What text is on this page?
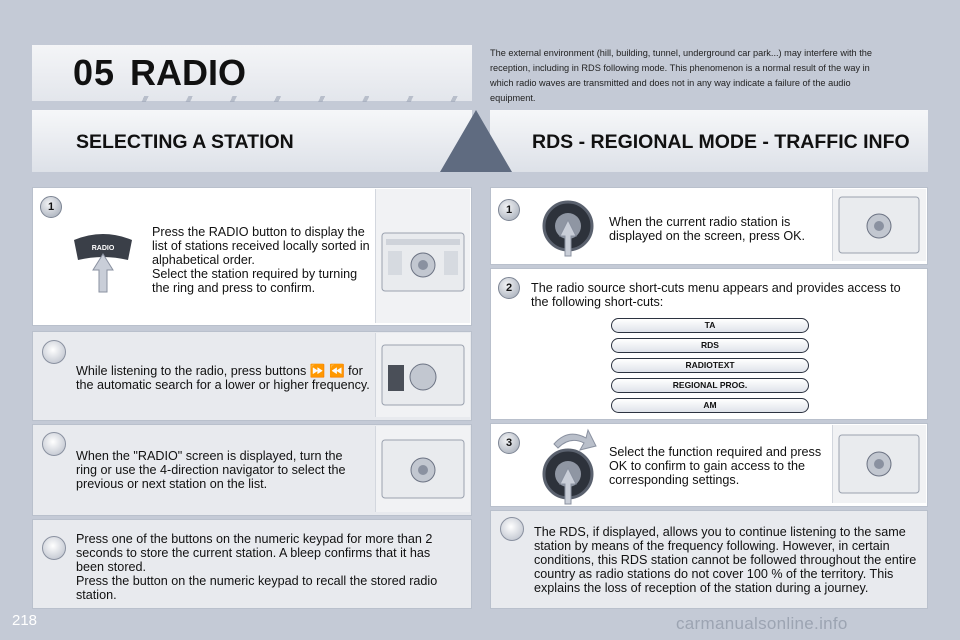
05 RADIO	The external environment (hill, building, tunnel, underground car park...) may interfere with the reception, including in RDS following mode. This phenomenon is a normal result of the way in which radio waves are transmitted and does not in any way indicate a failure of the audio equipment.
SELECTING A STATION	RDS - REGIONAL MODE - TRAFFIC INFO
1
RADIO
Press the RADIO button to display the list of stations received locally sorted in alphabetical order.
Select the station required by turning the ring and press to confirm.
While listening to the radio, press buttons ⏩ ⏪ for the automatic search for a lower or higher frequency.
When the "RADIO" screen is displayed, turn the ring or use the 4-direction navigator to select the previous or next station on the list.
Press one of the buttons on the numeric keypad for more than 2 seconds to store the current station. A bleep confirms that it has been stored.
Press the button on the numeric keypad to recall the stored radio station.
1
When the current radio station is displayed on the screen, press OK.
2	The radio source short-cuts menu appears and provides access to the following short-cuts:
TA
RDS
RADIOTEXT
REGIONAL PROG.
AM
3
Select the function required and press OK to confirm to gain access to the corresponding settings.
The RDS, if displayed, allows you to continue listening to the same station by means of the frequency following. However, in certain conditions, this RDS station cannot be followed throughout the entire country as radio stations do not cover 100 % of the territory. This explains the loss of reception of the station during a journey.
218	carmanualsonline.info
